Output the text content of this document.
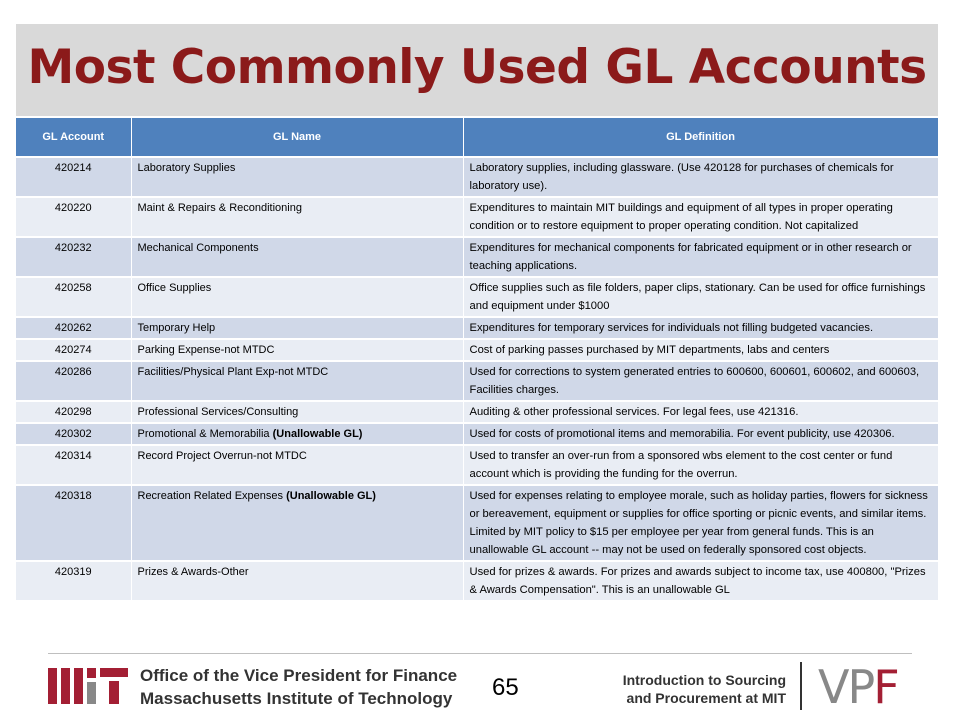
Most Commonly Used GL Accounts
GL Account	GL Name	GL Definition
420214	Laboratory Supplies	Laboratory supplies, including glassware. (Use 420128 for purchases of chemicals for laboratory use).
420220	Maint & Repairs & Reconditioning	Expenditures to maintain MIT buildings and equipment of all types in proper operating condition or to restore equipment to proper operating condition. Not capitalized
420232	Mechanical Components	Expenditures for mechanical components for fabricated equipment or in other research or teaching applications.
420258	Office Supplies	Office supplies such as file folders, paper clips, stationary. Can be used for office furnishings and equipment under $1000
420262	Temporary Help	Expenditures for temporary services for individuals not filling budgeted vacancies.
420274	Parking Expense-not MTDC	Cost of parking passes purchased by MIT departments, labs and centers
420286	Facilities/Physical Plant Exp-not MTDC	Used for corrections to system generated entries to 600600, 600601, 600602, and 600603, Facilities charges.
420298	Professional Services/Consulting	Auditing & other professional services. For legal fees, use 421316.
420302	Promotional & Memorabilia (Unallowable GL)	Used for costs of promotional items and memorabilia. For event publicity, use 420306.
420314	Record Project Overrun-not MTDC	Used to transfer an over-run from a sponsored wbs element to the cost center or fund account which is providing the funding for the overrun.
420318	Recreation Related Expenses (Unallowable GL)	Used for expenses relating to employee morale, such as holiday parties, flowers for sickness or bereavement, equipment or supplies for office sporting or picnic events, and similar items. Limited by MIT policy to $15 per employee per year from general funds. This is an unallowable GL account -- may not be used on federally sponsored cost objects.
420319	Prizes & Awards-Other	Used for prizes & awards. For prizes and awards subject to income tax, use 400800, "Prizes & Awards Compensation". This is an unallowable GL
Office of the Vice President for Finance
Massachusetts Institute of Technology 65	Introduction to Sourcing
and Procurement at MIT VPF
